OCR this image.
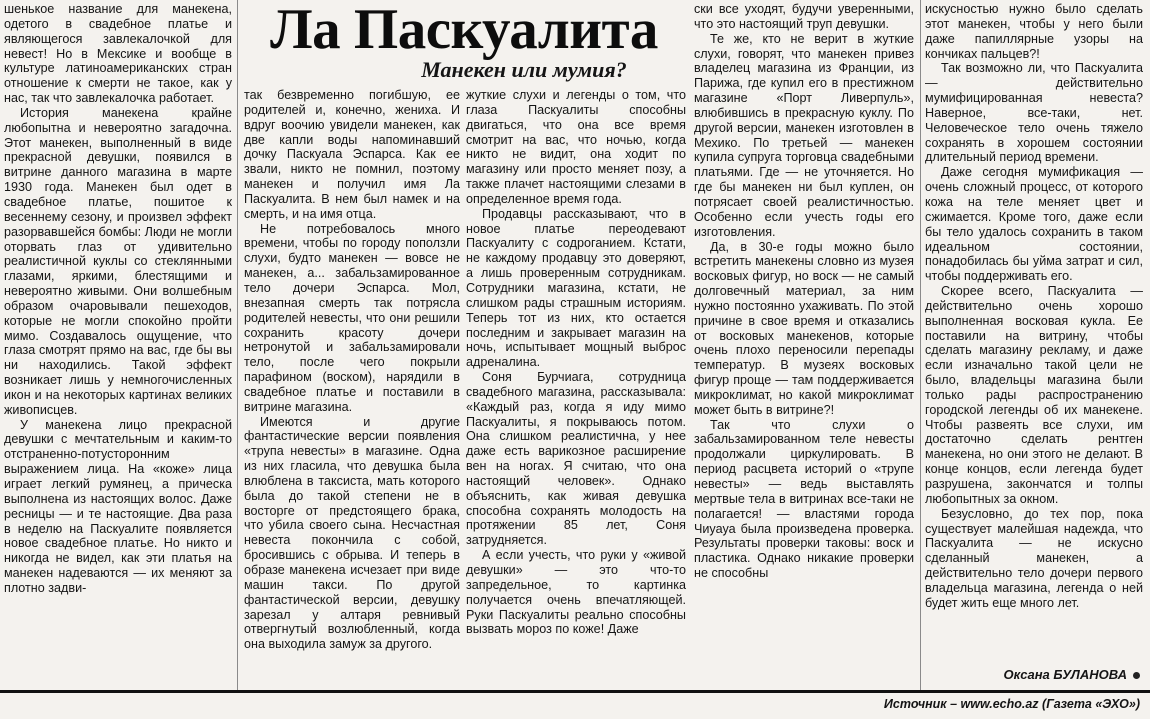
шенькое название для манекена, одетого в свадебное платье и являющегося завлекалочкой для невест! Но в Мексике и вообще в культуре латиноамериканских стран отношение к смерти не такое, как у нас, так что завлекалочка работает.

История манекена крайне любопытна и невероятно загадочна. Этот манекен, выполненный в виде прекрасной девушки, появился в витрине данного магазина в марте 1930 года. Манекен был одет в свадебное платье, пошитое к весеннему сезону, и произвел эффект разорвавшейся бомбы: Люди не могли оторвать глаз от удивительно реалистичной куклы со стеклянными глазами, яркими, блестящими и невероятно живыми. Они волшебным образом очаровывали пешеходов, которые не могли спокойно пройти мимо. Создавалось ощущение, что глаза смотрят прямо на вас, где бы вы ни находились. Такой эффект возникает лишь у немногочисленных икон и на некоторых картинах великих живописцев.

У манекена лицо прекрасной девушки с мечтательным и каким-то отстраненно-потусторонним выражением лица. На «коже» лица играет легкий румянец, а прическа выполнена из настоящих волос. Даже ресницы — и те настоящие. Два раза в неделю на Паскуалите появляется новое свадебное платье. Но никто и никогда не видел, как эти платья на манекен надеваются — их меняют за плотно задви-

Ла Паскуалита
Манекен или мумия?

так безвременно погибшую, ее родителей и, конечно, жениха. И вдруг воочию увидели манекен, как две капли воды напоминавший дочку Паскуала Эспарса. Как ее звали, никто не помнил, поэтому манекен и получил имя Ла Паскуалита. В нем был намек и на смерть, и на имя отца.

Не потребовалось много времени, чтобы по городу поползли слухи, будто манекен — вовсе не манекен, а... забальзамированное тело дочери Эспарса. Мол, внезапная смерть так потрясла родителей невесты, что они решили сохранить красоту дочери нетронутой и забальзамировали тело, после чего покрыли парафином (воском), нарядили в свадебное платье и поставили в витрине магазина.

Имеются и другие фантастические версии появления «трупа невесты» в магазине. Одна из них гласила, что девушка была влюблена в таксиста, мать которого была до такой степени не в восторге от предстоящего брака, что убила своего сына. Несчастная невеста покончила с собой, бросившись с обрыва. И теперь в образе манекена исчезает при виде машин такси. По другой фантастической версии, девушку зарезал у алтаря ревнивый отвергнутый возлюбленный, когда она выходила замуж за другого.

жуткие слухи и легенды о том, что глаза Паскуалиты способны двигаться, что она все время смотрит на вас, что ночью, когда никто не видит, она ходит по магазину или просто меняет позу, а также плачет настоящими слезами в определенное время года.

Продавцы рассказывают, что в новое платье переодевают Паскуалиту с содроганием. Кстати, не каждому продавцу это доверяют, а лишь проверенным сотрудникам. Сотрудники магазина, кстати, не слишком рады страшным историям. Теперь тот из них, кто остается последним и закрывает магазин на ночь, испытывает мощный выброс адреналина.

Соня Бурчиага, сотрудница свадебного магазина, рассказывала: «Каждый раз, когда я иду мимо Паскуалиты, я покрываюсь потом. Она слишком реалистична, у нее даже есть варикозное расширение вен на ногах. Я считаю, что она настоящий человек». Однако объяснить, как живая девушка способна сохранять молодость на протяжении 85 лет, Соня затрудняется.

А если учесть, что руки у «живой девушки» — это что-то запредельное, то картинка получается очень впечатляющей. Руки Паскуалиты реально способны вызвать мороз по коже! Даже

ски все уходят, будучи уверенными, что это настоящий труп девушки.

Те же, кто не верит в жуткие слухи, говорят, что манекен привез владелец магазина из Франции, из Парижа, где купил его в престижном магазине «Порт Ливерпуль», влюбившись в прекрасную куклу. По другой версии, манекен изготовлен в Мехико. По третьей — манекен купила супруга торговца свадебными платьями. Где — не уточняется. Но где бы манекен ни был куплен, он потрясает своей реалистичностью. Особенно если учесть годы его изготовления.

Да, в 30-е годы можно было встретить манекены словно из музея восковых фигур, но воск — не самый долговечный материал, за ним нужно постоянно ухаживать. По этой причине в свое время и отказались от восковых манекенов, которые очень плохо переносили перепады температур. В музеях восковых фигур проще — там поддерживается микроклимат, но какой микроклимат может быть в витрине?!

Так что слухи о забальзамированном теле невесты продолжали циркулировать. В период расцвета историй о «трупе невесты» — ведь выставлять мертвые тела в витринах все-таки не полагается! — властями города Чиуауа была произведена проверка. Результаты проверки таковы: воск и пластика. Однако никакие проверки не способны

искусностью нужно было сделать этот манекен, чтобы у него были даже папиллярные узоры на кончиках пальцев?!

Так возможно ли, что Паскуалита — действительно мумифицированная невеста? Наверное, все-таки, нет. Человеческое тело очень тяжело сохранять в хорошем состоянии длительный период времени.

Даже сегодня мумификация — очень сложный процесс, от которого кожа на теле меняет цвет и сжимается. Кроме того, даже если бы тело удалось сохранить в таком идеальном состоянии, понадобилась бы уйма затрат и сил, чтобы поддерживать его.

Скорее всего, Паскуалита — действительно очень хорошо выполненная восковая кукла. Ее поставили на витрину, чтобы сделать магазину рекламу, и даже если изначально такой цели не было, владельцы магазина были только рады распространению городской легенды об их манекене. Чтобы развеять все слухи, им достаточно сделать рентген манекена, но они этого не делают. В конце концов, если легенда будет разрушена, закончатся и толпы любопытных за окном.

Безусловно, до тех пор, пока существует малейшая надежда, что Паскуалита — не искусно сделанный манекен, а действительно тело дочери первого владельца магазина, легенда о ней будет жить еще много лет.

Оксана БУЛАНОВА
Источник – www.echo.az (Газета «ЭХО»)
